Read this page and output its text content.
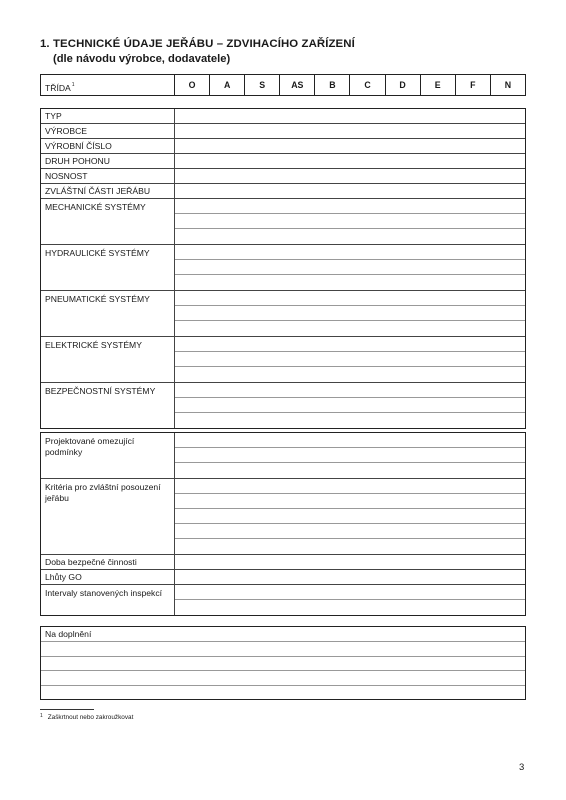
1. TECHNICKÉ ÚDAJE JEŘÁBU – ZDVIHACÍHO ZAŘÍZENÍ
(dle návodu výrobce, dodavatele)
TŘÍDA$^1$	O	A	S	AS	B	C	D	E	F	N
TYP
VÝROBCE
VÝROBNÍ ČÍSLO
DRUH POHONU
NOSNOST
ZVLÁŠTNÍ ČÁSTI JEŘÁBU
MECHANICKÉ SYSTÉMY
HYDRAULICKÉ SYSTÉMY
PNEUMATICKÉ SYSTÉMY
ELEKTRICKÉ SYSTÉMY
BEZPEČNOSTNÍ SYSTÉMY
Projektované omezující podmínky
Kritéria pro zvláštní posouzení jeřábu
Doba bezpečné činnosti
Lhůty GO
Intervaly stanovených inspekcí
Na doplnění
$^1$ Zaškrtnout nebo zakroužkovat
3
